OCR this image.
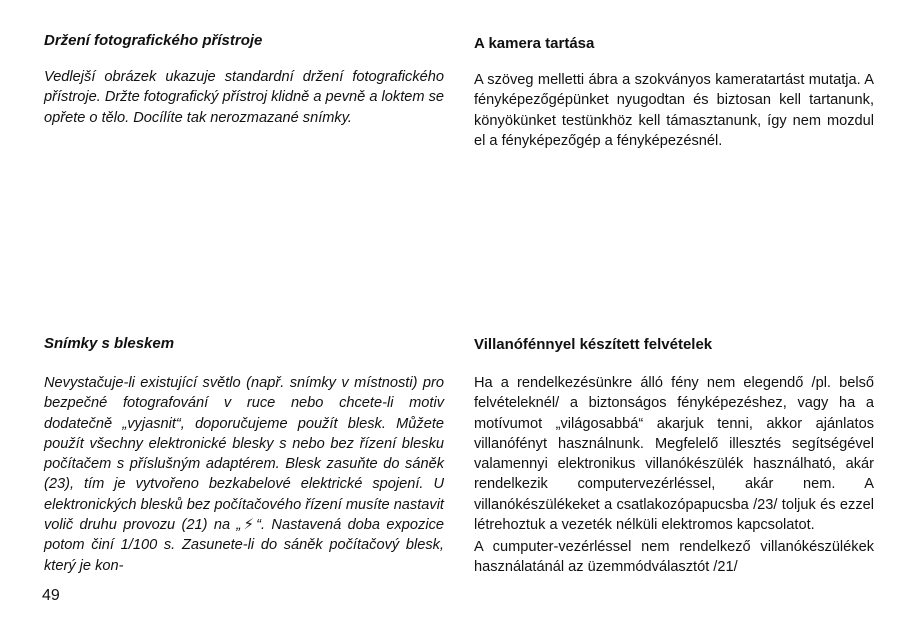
Držení fotografického přístroje

Vedlejší obrázek ukazuje standardní držení fotografického přístroje. Držte fotografický přístroj klidně a pevně a loktem se opřete o tělo. Docílíte tak nerozmazané snímky.

Snímky s bleskem

Nevystačuje-li existující světlo (např. snímky v místnosti) pro bezpečné fotografování v ruce nebo chcete-li motiv dodatečně „vyjasnit“, doporučujeme použít blesk. Můžete použít všechny elektronické blesky s nebo bez řízení blesku počítačem s příslušným adaptérem. Blesk zasuňte do sáněk (23), tím je vytvořeno bezkabelové elektrické spojení. U elektronických blesků bez počítačového řízení musíte nastavit volič druhu provozu (21) na „⚡“. Nastavená doba expozice potom činí 1/100 s. Zasunete-li do sáněk počítačový blesk, který je kon-

A kamera tartása

A szöveg melletti ábra a szokványos kameratartást mutatja. A fényképezőgépünket nyugodtan és biztosan kell tartanunk, könyökünket testünkhöz kell támasztanunk, így nem mozdul el a fényképezőgép a fényképezésnél.

Villanófénnyel készített felvételek

Ha a rendelkezésünkre álló fény nem elegendő /pl. belső felvételeknél/ a biztonságos fényképezéshez, vagy ha a motívumot „világosabbá“ akarjuk tenni, akkor ajánlatos villanófényt használnunk. Megfelelő illesztés segítségével valamennyi elektronikus villanókészülék használható, akár rendelkezik computervezérléssel, akár nem. A villanókészülékeket a csatlakozópapucsba /23/ toljuk és ezzel létrehoztuk a vezeték nélküli elektromos kapcsolatot.

A cumputer-vezérléssel nem rendelkező villanókészülékek használatánál az üzemmódválasztót /21/

49
